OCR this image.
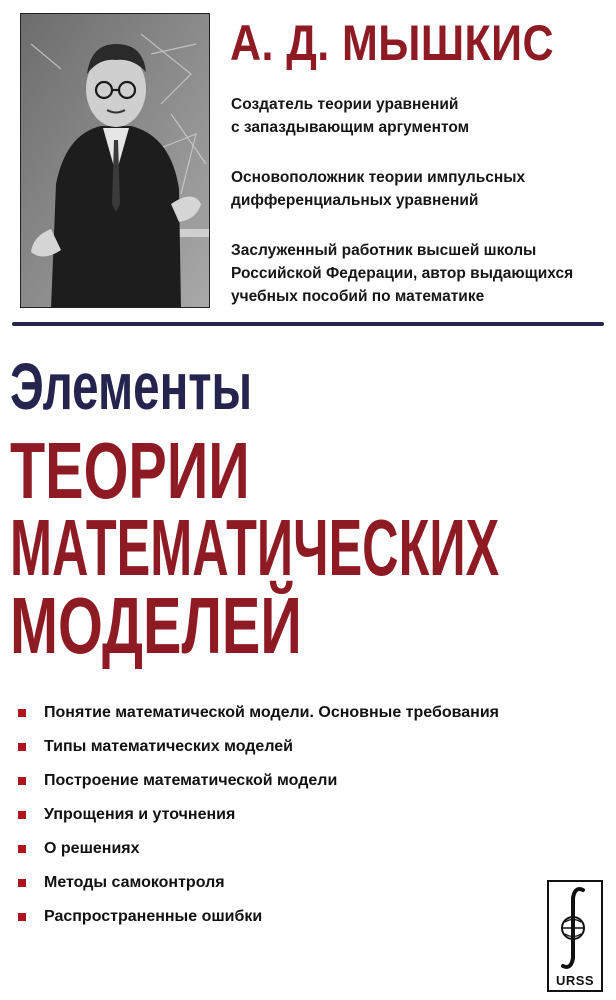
А. Д. МЫШКИС

Создатель теории уравнений
с запаздывающим аргументом

Основоположник теории импульсных
дифференциальных уравнений

Заслуженный работник высшей школы
Российской Федерации, автор выдающихся
учебных пособий по математике

Элементы
ТЕОРИИ
МАТЕМАТИЧЕСКИХ
МОДЕЛЕЙ
Понятие математической модели. Основные требования
Типы математических моделей
Построение математической модели
Упрощения и уточнения
О решениях
Методы самоконтроля
Распространенные ошибки
URSS
